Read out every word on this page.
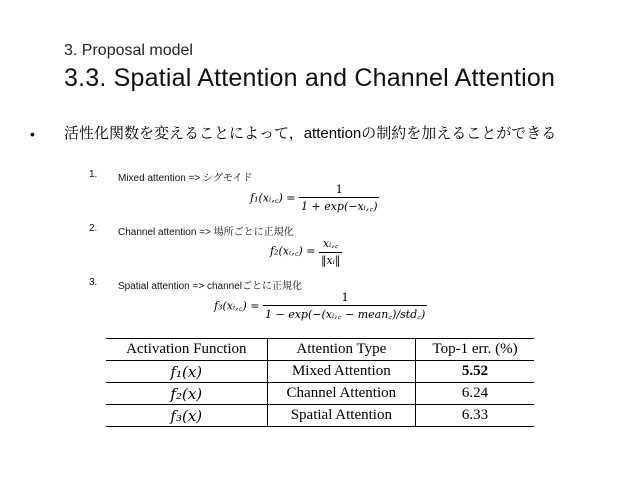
3. Proposal model
3.3. Spatial Attention and Channel Attention
• 活性化関数を変えることによって，attentionの制約を加えることができる
1. Mixed attention => シグモイド
f₁(xᵢ,꜀) = $\frac{1}{\text{1 + exp(−xᵢ,꜀)}}$
2. Channel attention => 場所ごとに正規化
f₂(xᵢ,꜀) = $\frac{\text{xᵢ,꜀}}{\text{‖xᵢ‖}}$
3. Spatial attention => channelごとに正規化
f₃(xᵢ,꜀) = $\frac{1}{\text{1 − exp(−(xᵢ,꜀ − mean꜀)/std꜀)}}$
Activation Function	Attention Type	Top-1 err. (%)
f₁(x)	Mixed Attention	5.52
f₂(x)	Channel Attention	6.24
f₃(x)	Spatial Attention	6.33
